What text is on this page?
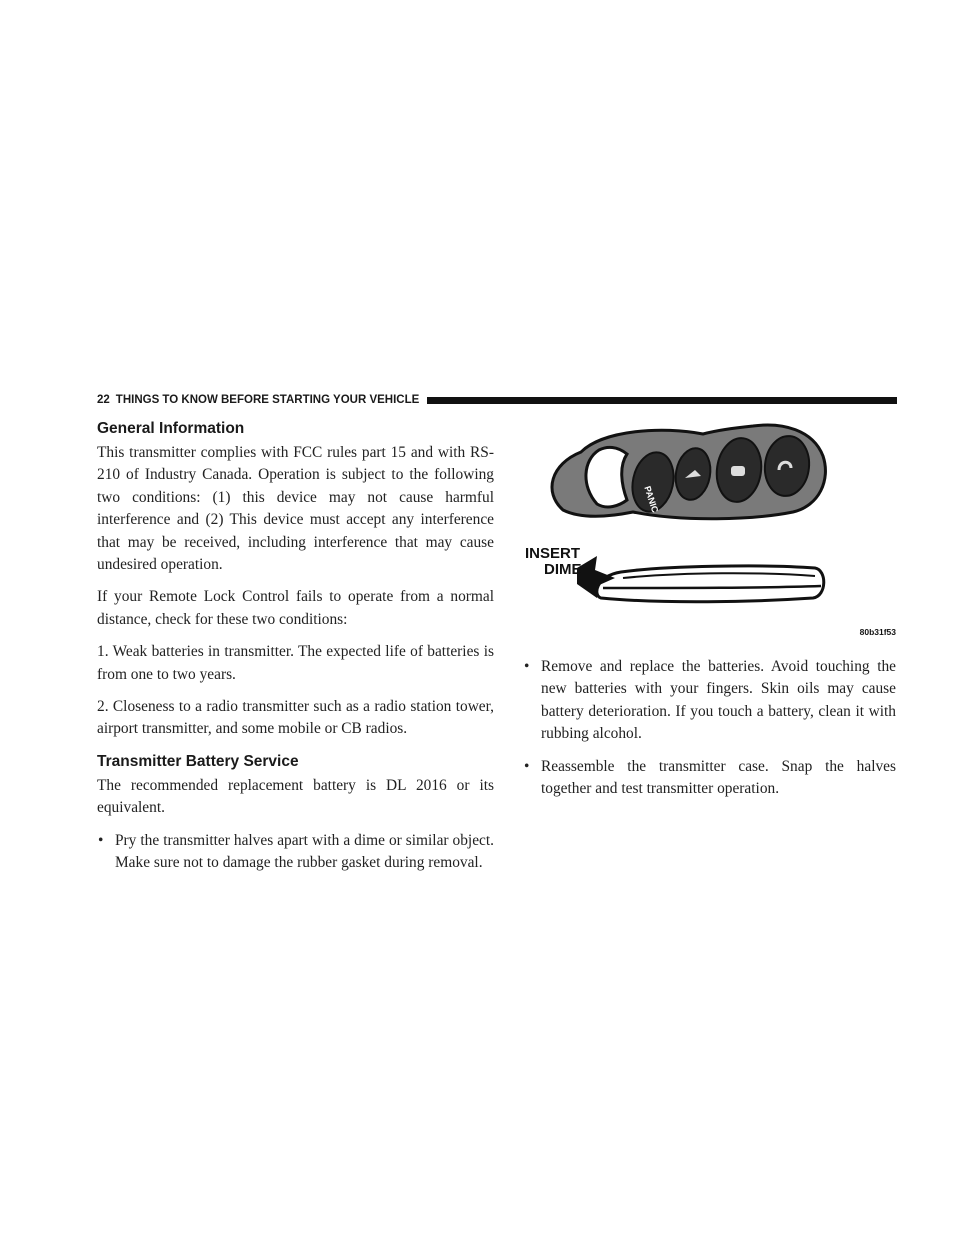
22 THINGS TO KNOW BEFORE STARTING YOUR VEHICLE
General Information

This transmitter complies with FCC rules part 15 and with RS-210 of Industry Canada. Operation is subject to the following two conditions: (1) this device may not cause harmful interference and (2) This device must accept any interference that may be received, including interference that may cause undesired operation.

If your Remote Lock Control fails to operate from a normal distance, check for these two conditions:

1. Weak batteries in transmitter. The expected life of batteries is from one to two years.

2. Closeness to a radio transmitter such as a radio station tower, airport transmitter, and some mobile or CB radios.

Transmitter Battery Service

The recommended replacement battery is DL 2016 or its equivalent.

• Pry the transmitter halves apart with a dime or similar object. Make sure not to damage the rubber gasket during removal.
PANIC
INSERT
DIME
80b31f53
• Remove and replace the batteries. Avoid touching the new batteries with your fingers. Skin oils may cause battery deterioration. If you touch a battery, clean it with rubbing alcohol.
• Reassemble the transmitter case. Snap the halves together and test transmitter operation.
